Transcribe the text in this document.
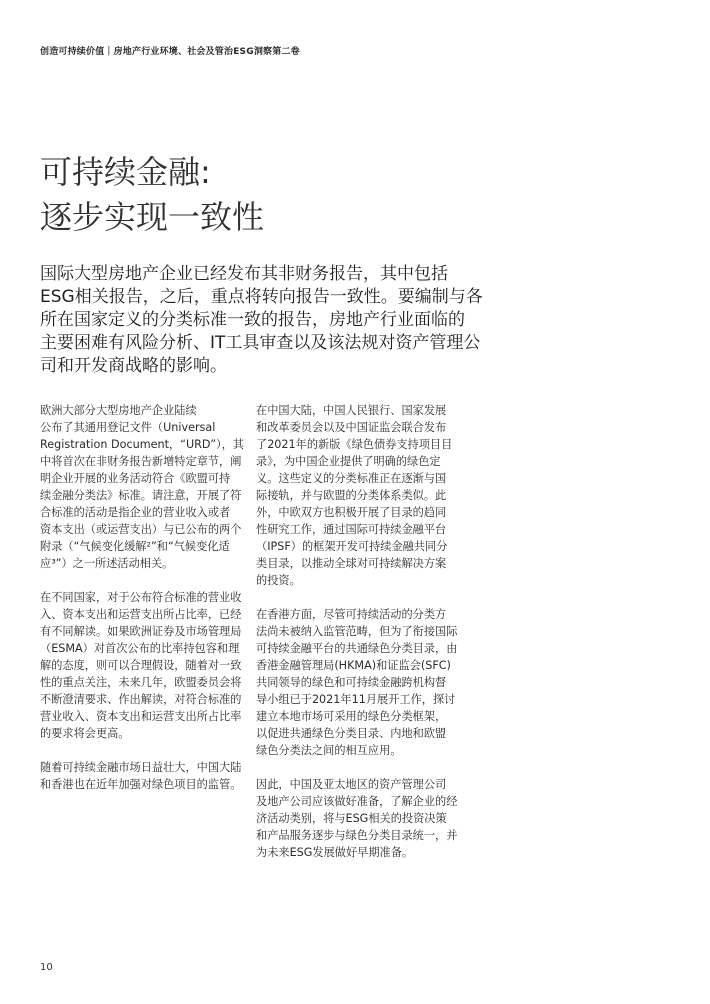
创造可持续价值｜房地产行业环境、社会及管治ESG洞察第二卷
可持续金融:
逐步实现一致性
国际大型房地产企业已经发布其非财务报告，其中包括
ESG相关报告，之后，重点将转向报告一致性。要编制与各
所在国家定义的分类标准一致的报告，房地产行业面临的
主要困难有风险分析、IT工具审查以及该法规对资产管理公
司和开发商战略的影响。
欧洲大部分大型房地产企业陆续
公布了其通用登记文件（Universal
Registration Document，“URD”），其
中将首次在非财务报告新增特定章节，阐
明企业开展的业务活动符合《欧盟可持
续金融分类法》标准。请注意，开展了符
合标准的活动是指企业的营业收入或者
资本支出（或运营支出）与已公布的两个
附录（“气候变化缓解²”和“气候变化适
应³”）之一所述活动相关。
在不同国家，对于公布符合标准的营业收
入、资本支出和运营支出所占比率，已经
有不同解读。如果欧洲证券及市场管理局
（ESMA）对首次公布的比率持包容和理
解的态度，则可以合理假设，随着对一致
性的重点关注，未来几年，欧盟委员会将
不断澄清要求、作出解读，对符合标准的
营业收入、资本支出和运营支出所占比率
的要求将会更高。
随着可持续金融市场日益壮大，中国大陆
和香港也在近年加强对绿色项目的监管。
在中国大陆，中国人民银行、国家发展
和改革委员会以及中国证监会联合发布
了2021年的新版《绿色债券支持项目目
录》，为中国企业提供了明确的绿色定
义。这些定义的分类标准正在逐渐与国
际接轨，并与欧盟的分类体系类似。此
外，中欧双方也积极开展了目录的趋同
性研究工作，通过国际可持续金融平台
（IPSF）的框架开发可持续金融共同分
类目录，以推动全球对可持续解决方案
的投资。
在香港方面，尽管可持续活动的分类方
法尚未被纳入监管范畴，但为了衔接国际
可持续金融平台的共通绿色分类目录，由
香港金融管理局(HKMA)和证监会(SFC)
共同领导的绿色和可持续金融跨机构督
导小组已于2021年11月展开工作，探讨
建立本地市场可采用的绿色分类框架，
以促进共通绿色分类目录、内地和欧盟
绿色分类法之间的相互应用。
因此，中国及亚太地区的资产管理公司
及地产公司应该做好准备，了解企业的经
济活动类别，将与ESG相关的投资决策
和产品服务逐步与绿色分类目录统一，并
为未来ESG发展做好早期准备。
10
